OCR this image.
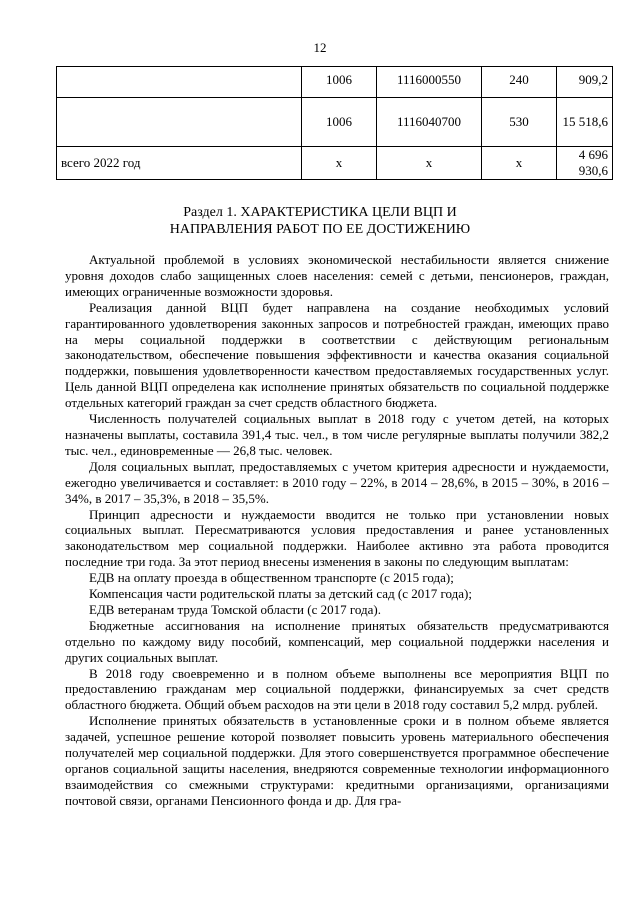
12
	1006	1116000550	240	909,2
	1006	1116040700	530	15 518,6
всего 2022 год	х	х	х	4 696 930,6
Раздел 1. ХАРАКТЕРИСТИКА ЦЕЛИ ВЦП И
НАПРАВЛЕНИЯ РАБОТ ПО ЕЕ ДОСТИЖЕНИЮ

Актуальной проблемой в условиях экономической нестабильности является снижение уровня доходов слабо защищенных слоев населения: семей с детьми, пенсионеров, граждан, имеющих ограниченные возможности здоровья.

Реализация данной ВЦП будет направлена на создание необходимых условий гарантированного удовлетворения законных запросов и потребностей граждан, имеющих право на меры социальной поддержки в соответствии с действующим региональным законодательством, обеспечение повышения эффективности и качества оказания социальной поддержки, повышения удовлетворенности качеством предоставляемых государственных услуг. Цель данной ВЦП определена как исполнение принятых обязательств по социальной поддержке отдельных категорий граждан за счет средств областного бюджета.

Численность получателей социальных выплат в 2018 году с учетом детей, на которых назначены выплаты, составила 391,4 тыс. чел., в том числе регулярные выплаты получили 382,2 тыс. чел., единовременные — 26,8 тыс. человек.

Доля социальных выплат, предоставляемых с учетом критерия адресности и нуждаемости, ежегодно увеличивается и составляет: в 2010 году – 22%, в 2014 – 28,6%, в 2015 – 30%, в 2016 – 34%, в 2017 – 35,3%, в 2018 – 35,5%.

Принцип адресности и нуждаемости вводится не только при установлении новых социальных выплат. Пересматриваются условия предоставления и ранее установленных законодательством мер социальной поддержки. Наиболее активно эта работа проводится последние три года. За этот период внесены изменения в законы по следующим выплатам:

ЕДВ на оплату проезда в общественном транспорте (с 2015 года);

Компенсация части родительской платы за детский сад (с 2017 года);

ЕДВ ветеранам труда Томской области (с 2017 года).

Бюджетные ассигнования на исполнение принятых обязательств предусматриваются отдельно по каждому виду пособий, компенсаций, мер социальной поддержки населения и других социальных выплат.

В 2018 году своевременно и в полном объеме выполнены все мероприятия ВЦП по предоставлению гражданам мер социальной поддержки, финансируемых за счет средств областного бюджета. Общий объем расходов на эти цели в 2018 году составил 5,2 млрд. рублей.

Исполнение принятых обязательств в установленные сроки и в полном объеме является задачей, успешное решение которой позволяет повысить уровень материального обеспечения получателей мер социальной поддержки. Для этого совершенствуется программное обеспечение органов социальной защиты населения, внедряются современные технологии информационного взаимодействия со смежными структурами: кредитными организациями, организациями почтовой связи, органами Пенсионного фонда и др. Для гра-
